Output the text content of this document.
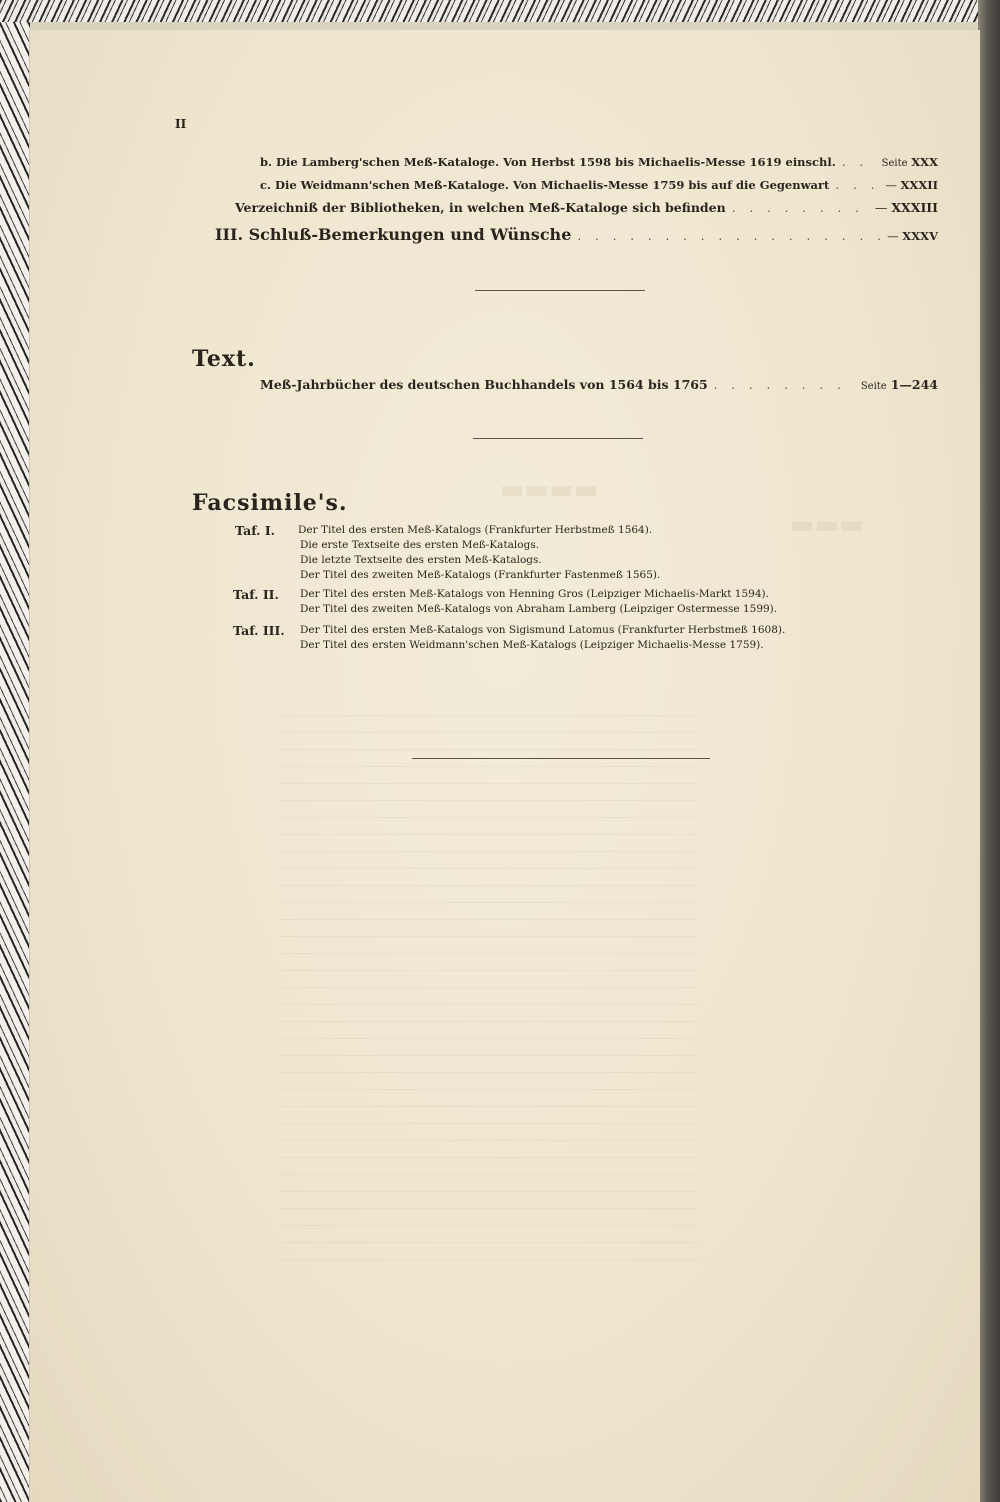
▬▬▬▬
▬▬▬
II
b. Die Lamberg'schen Meß-Kataloge. Von Herbst 1598 bis Michaelis-Messe 1619 einschl. . . .	Seite XXX
c. Die Weidmann'schen Meß-Kataloge. Von Michaelis-Messe 1759 bis auf die Gegenwart . . .	— XXXII
Verzeichniß der Bibliotheken, in welchen Meß-Kataloge sich befinden . . .	— XXXIII
III. Schluß-Bemerkungen und Wünsche . . .	— XXXV
Text.
Meß-Jahrbücher des deutschen Buchhandels von 1564 bis 1765 . . .	Seite 1—244
Facsimile's.
Taf. I. Der Titel des ersten Meß-Katalogs (Frankfurter Herbstmeß 1564).
Die erste Textseite des ersten Meß-Katalogs.
Die letzte Textseite des ersten Meß-Katalogs.
Der Titel des zweiten Meß-Katalogs (Frankfurter Fastenmeß 1565).
Taf. II. Der Titel des ersten Meß-Katalogs von Henning Gros (Leipziger Michaelis-Markt 1594).
Der Titel des zweiten Meß-Katalogs von Abraham Lamberg (Leipziger Ostermesse 1599).
Taf. III. Der Titel des ersten Meß-Katalogs von Sigismund Latomus (Frankfurter Herbstmeß 1608).
Der Titel des ersten Weidmann'schen Meß-Katalogs (Leipziger Michaelis-Messe 1759).
